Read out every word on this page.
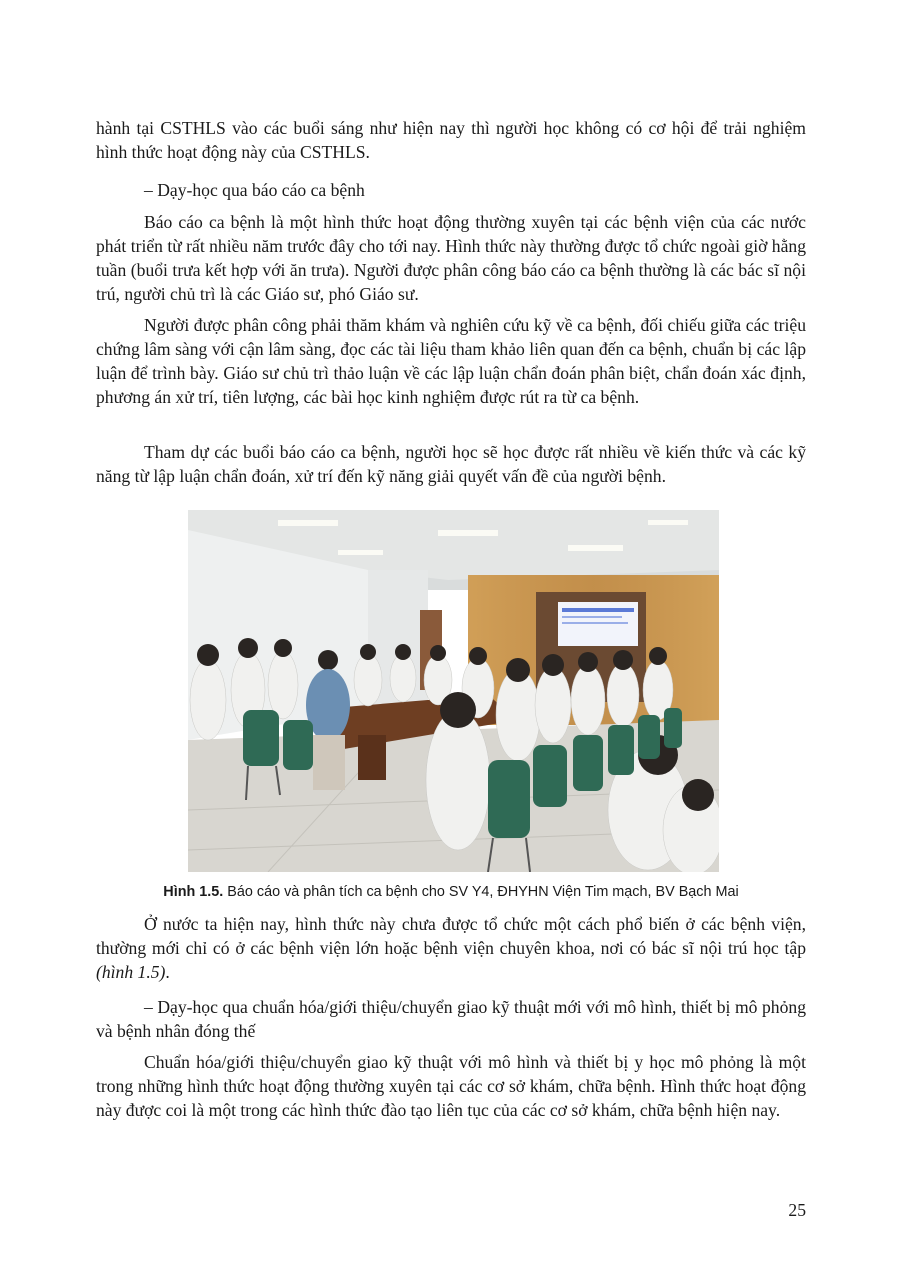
hành tại CSTHLS vào các buổi sáng như hiện nay thì người học không có cơ hội để trải nghiệm hình thức hoạt động này của CSTHLS.

– Dạy-học qua báo cáo ca bệnh

Báo cáo ca bệnh là một hình thức hoạt động thường xuyên tại các bệnh viện của các nước phát triển từ rất nhiều năm trước đây cho tới nay. Hình thức này thường được tổ chức ngoài giờ hằng tuần (buổi trưa kết hợp với ăn trưa). Người được phân công báo cáo ca bệnh thường là các bác sĩ nội trú, người chủ trì là các Giáo sư, phó Giáo sư.

Người được phân công phải thăm khám và nghiên cứu kỹ về ca bệnh, đối chiếu giữa các triệu chứng lâm sàng với cận lâm sàng, đọc các tài liệu tham khảo liên quan đến ca bệnh, chuẩn bị các lập luận để trình bày. Giáo sư chủ trì thảo luận về các lập luận chẩn đoán phân biệt, chẩn đoán xác định, phương án xử trí, tiên lượng, các bài học kinh nghiệm được rút ra từ ca bệnh.

Tham dự các buổi báo cáo ca bệnh, người học sẽ học được rất nhiều về kiến thức và các kỹ năng từ lập luận chẩn đoán, xử trí đến kỹ năng giải quyết vấn đề của người bệnh.

Hình 1.5. Báo cáo và phân tích ca bệnh cho SV Y4, ĐHYHN Viện Tim mạch, BV Bạch Mai

Ở nước ta hiện nay, hình thức này chưa được tổ chức một cách phổ biến ở các bệnh viện, thường mới chỉ có ở các bệnh viện lớn hoặc bệnh viện chuyên khoa, nơi có bác sĩ nội trú học tập (hình 1.5).

– Dạy-học qua chuẩn hóa/giới thiệu/chuyển giao kỹ thuật mới với mô hình, thiết bị mô phỏng và bệnh nhân đóng thế

Chuẩn hóa/giới thiệu/chuyển giao kỹ thuật với mô hình và thiết bị y học mô phỏng là một trong những hình thức hoạt động thường xuyên tại các cơ sở khám, chữa bệnh. Hình thức hoạt động này được coi là một trong các hình thức đào tạo liên tục của các cơ sở khám, chữa bệnh hiện nay.

25
